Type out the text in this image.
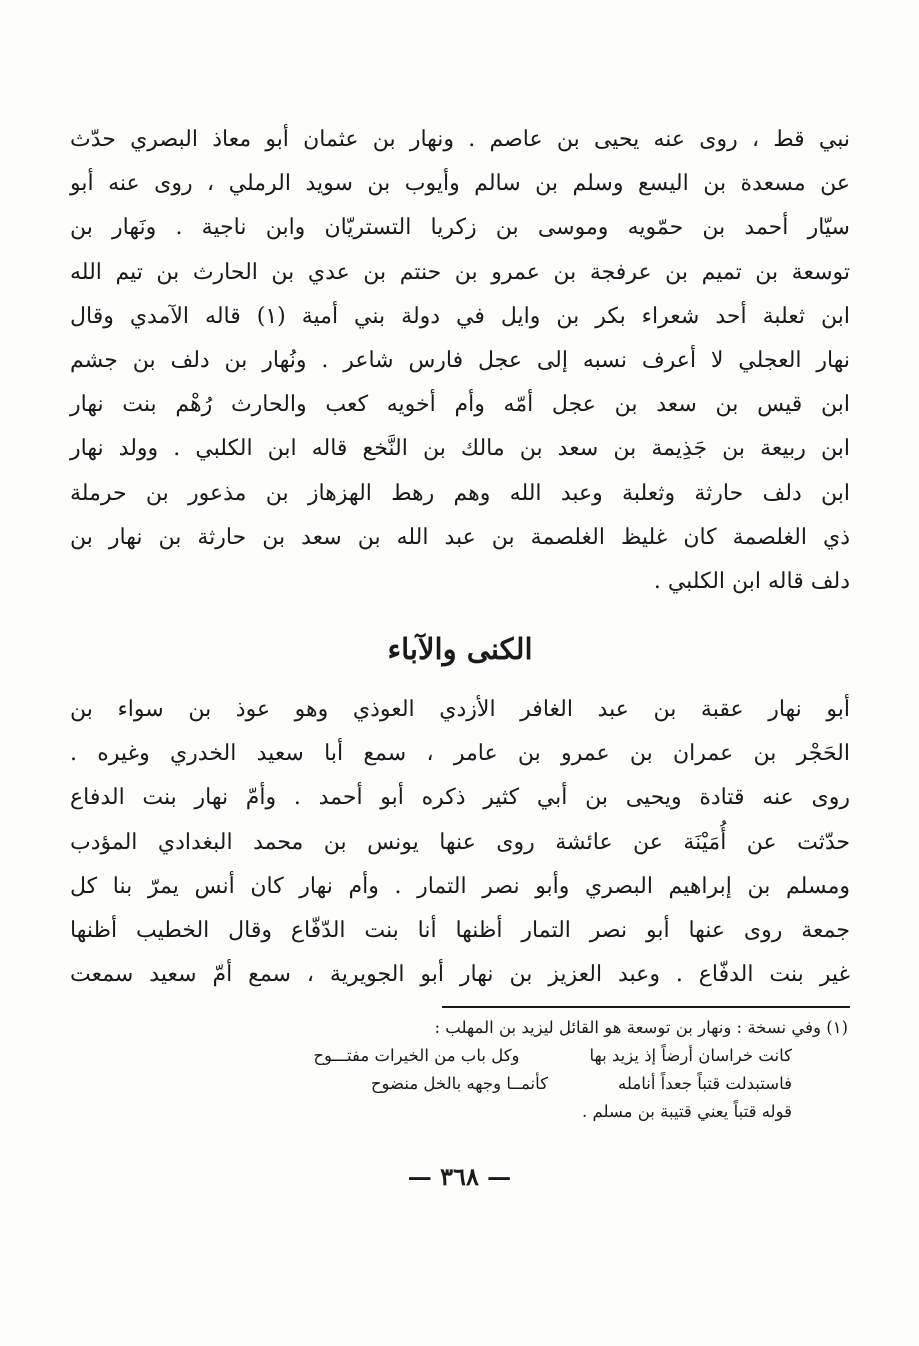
نبي قط ، روى عنه يحيى بن عاصم . ونهار بن عثمان أبو معاذ البصري حدّث
عن مسعدة بن اليسع وسلم بن سالم وأيوب بن سويد الرملي ، روى عنه أبو
سيّار أحمد بن حمّويه وموسى بن زكريا التستريّان وابن ناجية . ونَهار بن
توسعة بن تميم بن عرفجة بن عمرو بن حنتم بن عدي بن الحارث بن تيم الله
ابن ثعلبة أحد شعراء بكر بن وايل في دولة بني أمية (١) قاله الآمدي وقال
نهار العجلي لا أعرف نسبه إلى عجل فارس شاعر . ونُهار بن دلف بن جشم
ابن قيس بن سعد بن عجل أمّه وأم أخويه كعب والحارث رُهْم بنت نهار
ابن ربيعة بن جَذِيمة بن سعد بن مالك بن النَّخع قاله ابن الكلبي . وولد نهار
ابن دلف حارثة وثعلبة وعبد الله وهم رهط الهزهاز بن مذعور بن حرملة
ذي الغلصمة كان غليظ الغلصمة بن عبد الله بن سعد بن حارثة بن نهار بن
دلف قاله ابن الكلبي .
الكنى والآباء
أبو نهار عقبة بن عبد الغافر الأزدي العوذي وهو عوذ بن سواء بن
الحَجْر بن عمران بن عمرو بن عامر ، سمع أبا سعيد الخدري وغيره .
روى عنه قتادة ويحيى بن أبي كثير ذكره أبو أحمد . وأمّ نهار بنت الدفاع
حدّثت عن أُمَيْنَة عن عائشة روى عنها يونس بن محمد البغدادي المؤدب
ومسلم بن إبراهيم البصري وأبو نصر التمار . وأم نهار كان أنس يمرّ بنا كل
جمعة روى عنها أبو نصر التمار أظنها أنا بنت الدّفّاع وقال الخطيب أظنها
غير بنت الدفّاع . وعبد العزيز بن نهار أبو الجويرية ، سمع أمّ سعيد سمعت
(١) وفي نسخة : ونهار بن توسعة هو القائل ليزيد بن المهلب :
كانت خراسان أرضاً إذ يزيد بها
وكل باب من الخيرات مفتـــوح
فاستبدلت قتباً جعداً أنامله
كأنمــا وجهه بالخل منضوح
قوله قتباً يعني قتيبة بن مسلم .
— ٣٦٨ —
